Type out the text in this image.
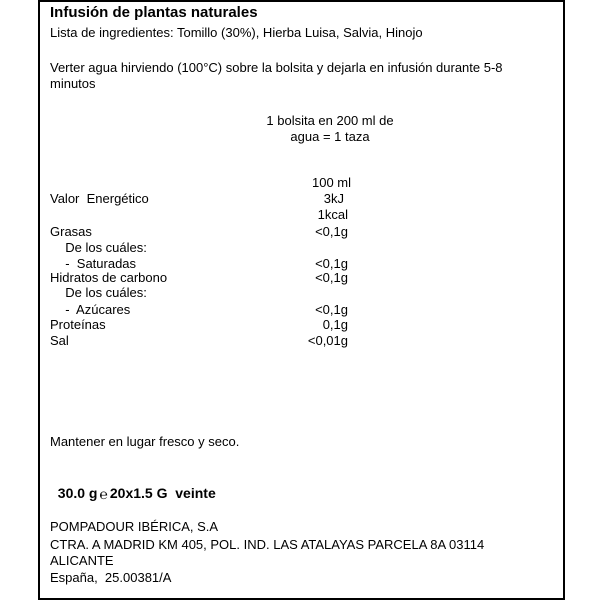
Infusión de plantas naturales
Lista de ingredientes: Tomillo (30%), Hierba Luisa, Salvia, Hinojo
Verter agua hirviendo (100°C) sobre la bolsita y dejarla en infusión durante 5-8
minutos
1 bolsita en 200 ml de
agua = 1 taza
100 ml
Valor  Energético	3kJ
1kcal
Grasas	<0,1g
De los cuáles:
-  Saturadas	<0,1g
Hidratos de carbono	<0,1g
De los cuáles:
-  Azúcares	<0,1g
Proteínas	0,1g
Sal	<0,01g
Mantener en lugar fresco y seco.

30.0 g ℮ 20x1.5 G  veinte

POMPADOUR IBÉRICA, S.A
CTRA. A MADRID KM 405, POL. IND. LAS ATALAYAS PARCELA 8A 03114
ALICANTE
España,  25.00381/A
